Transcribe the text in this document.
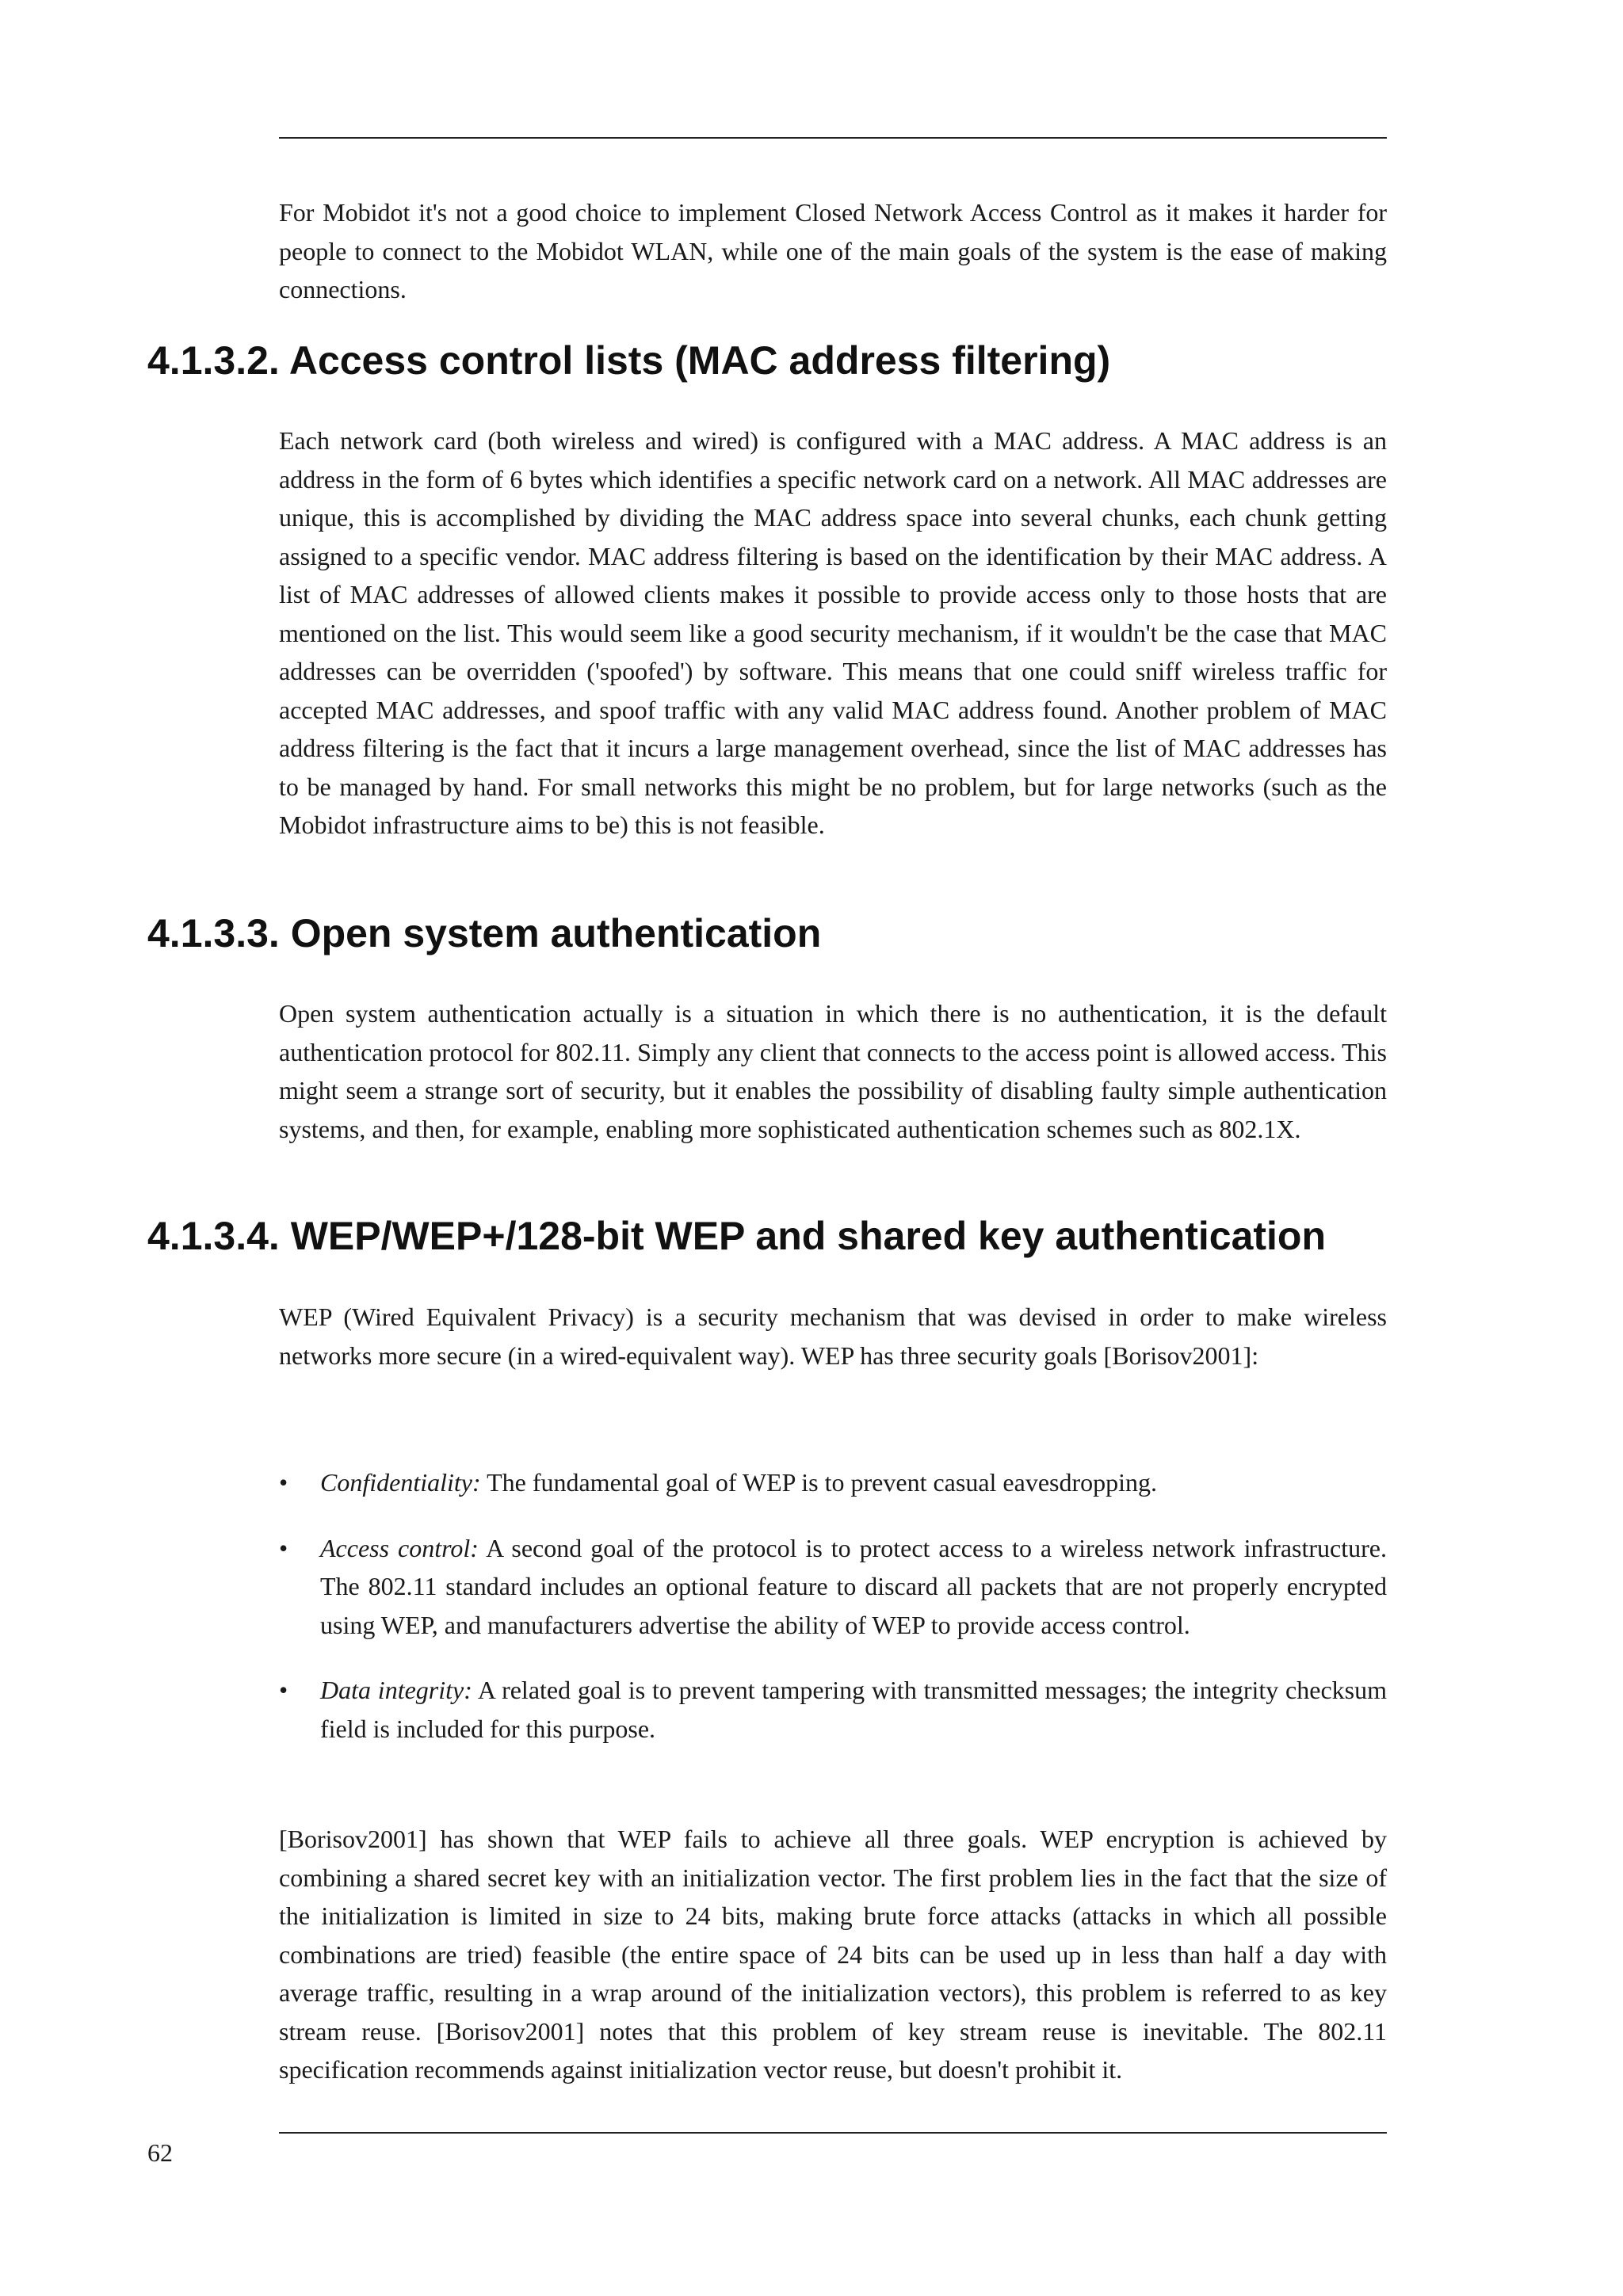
For Mobidot it's not a good choice to implement Closed Network Access Control as it makes it harder for people to connect to the Mobidot WLAN, while one of the main goals of the system is the ease of making connections.

4.1.3.2. Access control lists (MAC address filtering)

Each network card (both wireless and wired) is configured with a MAC address. A MAC address is an address in the form of 6 bytes which identifies a specific network card on a network. All MAC addresses are unique, this is accomplished by dividing the MAC address space into several chunks, each chunk getting assigned to a specific vendor. MAC address filtering is based on the identification by their MAC address. A list of MAC addresses of allowed clients makes it possible to provide access only to those hosts that are mentioned on the list. This would seem like a good security mechanism, if it wouldn't be the case that MAC addresses can be overridden ('spoofed') by software. This means that one could sniff wireless traffic for accepted MAC addresses, and spoof traffic with any valid MAC address found. Another problem of MAC address filtering is the fact that it incurs a large management overhead, since the list of MAC addresses has to be managed by hand. For small networks this might be no problem, but for large networks (such as the Mobidot infrastructure aims to be) this is not feasible.

4.1.3.3. Open system authentication

Open system authentication actually is a situation in which there is no authentication, it is the default authentication protocol for 802.11. Simply any client that connects to the access point is allowed access. This might seem a strange sort of security, but it enables the possibility of disabling faulty simple authentication systems, and then, for example, enabling more sophisticated authentication schemes such as 802.1X.

4.1.3.4. WEP/WEP+/128-bit WEP and shared key authentication

WEP (Wired Equivalent Privacy) is a security mechanism that was devised in order to make wireless networks more secure (in a wired-equivalent way). WEP has three security goals [Borisov2001]:

• Confidentiality: The fundamental goal of WEP is to prevent casual eavesdropping.
• Access control: A second goal of the protocol is to protect access to a wireless network infrastructure. The 802.11 standard includes an optional feature to discard all packets that are not properly encrypted using WEP, and manufacturers advertise the ability of WEP to provide access control.
• Data integrity: A related goal is to prevent tampering with transmitted messages; the integrity checksum field is included for this purpose.

[Borisov2001] has shown that WEP fails to achieve all three goals. WEP encryption is achieved by combining a shared secret key with an initialization vector. The first problem lies in the fact that the size of the initialization is limited in size to 24 bits, making brute force attacks (attacks in which all possible combinations are tried) feasible (the entire space of 24 bits can be used up in less than half a day with average traffic, resulting in a wrap around of the initialization vectors), this problem is referred to as key stream reuse. [Borisov2001] notes that this problem of key stream reuse is inevitable. The 802.11 specification recommends against initialization vector reuse, but doesn't prohibit it.

62
